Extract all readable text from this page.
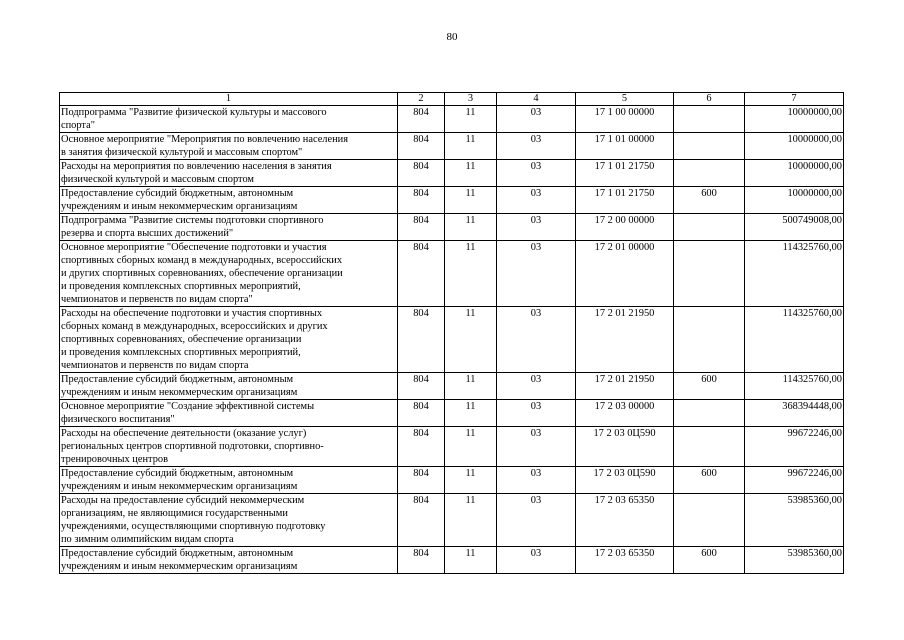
80
1	2	3	4	5	6	7

Подпрограмма "Развитие физической культуры и массового
спорта"	804	11	03	17 1 00 00000		10000000,00

Основное мероприятие "Мероприятия по вовлечению населения
в занятия физической культурой и массовым спортом"	804	11	03	17 1 01 00000		10000000,00

Расходы на мероприятия по вовлечению населения в занятия
физической культурой и массовым спортом	804	11	03	17 1 01 21750		10000000,00

Предоставление субсидий бюджетным, автономным
учреждениям и иным некоммерческим организациям	804	11	03	17 1 01 21750	600	10000000,00

Подпрограмма "Развитие системы подготовки спортивного
резерва и спорта высших достижений"	804	11	03	17 2 00 00000		500749008,00

Основное мероприятие "Обеспечение подготовки и участия
спортивных сборных команд в международных, всероссийских
и других спортивных соревнованиях, обеспечение организации
и проведения комплексных спортивных мероприятий,
чемпионатов и первенств по видам спорта"	804	11	03	17 2 01 00000		114325760,00

Расходы на обеспечение подготовки и участия спортивных
сборных команд в международных, всероссийских и других
спортивных соревнованиях, обеспечение организации
и проведения комплексных спортивных мероприятий,
чемпионатов и первенств по видам спорта	804	11	03	17 2 01 21950		114325760,00

Предоставление субсидий бюджетным, автономным
учреждениям и иным некоммерческим организациям	804	11	03	17 2 01 21950	600	114325760,00

Основное мероприятие "Создание эффективной системы
физического воспитания"	804	11	03	17 2 03 00000		368394448,00

Расходы на обеспечение деятельности (оказание услуг)
региональных центров спортивной подготовки, спортивно-
тренировочных центров	804	11	03	17 2 03 0Ц590		99672246,00

Предоставление субсидий бюджетным, автономным
учреждениям и иным некоммерческим организациям	804	11	03	17 2 03 0Ц590	600	99672246,00

Расходы на предоставление субсидий некоммерческим
организациям, не являющимися государственными
учреждениями, осуществляющими спортивную подготовку
по зимним олимпийским видам спорта	804	11	03	17 2 03 65350		53985360,00

Предоставление субсидий бюджетным, автономным
учреждениям и иным некоммерческим организациям	804	11	03	17 2 03 65350	600	53985360,00
